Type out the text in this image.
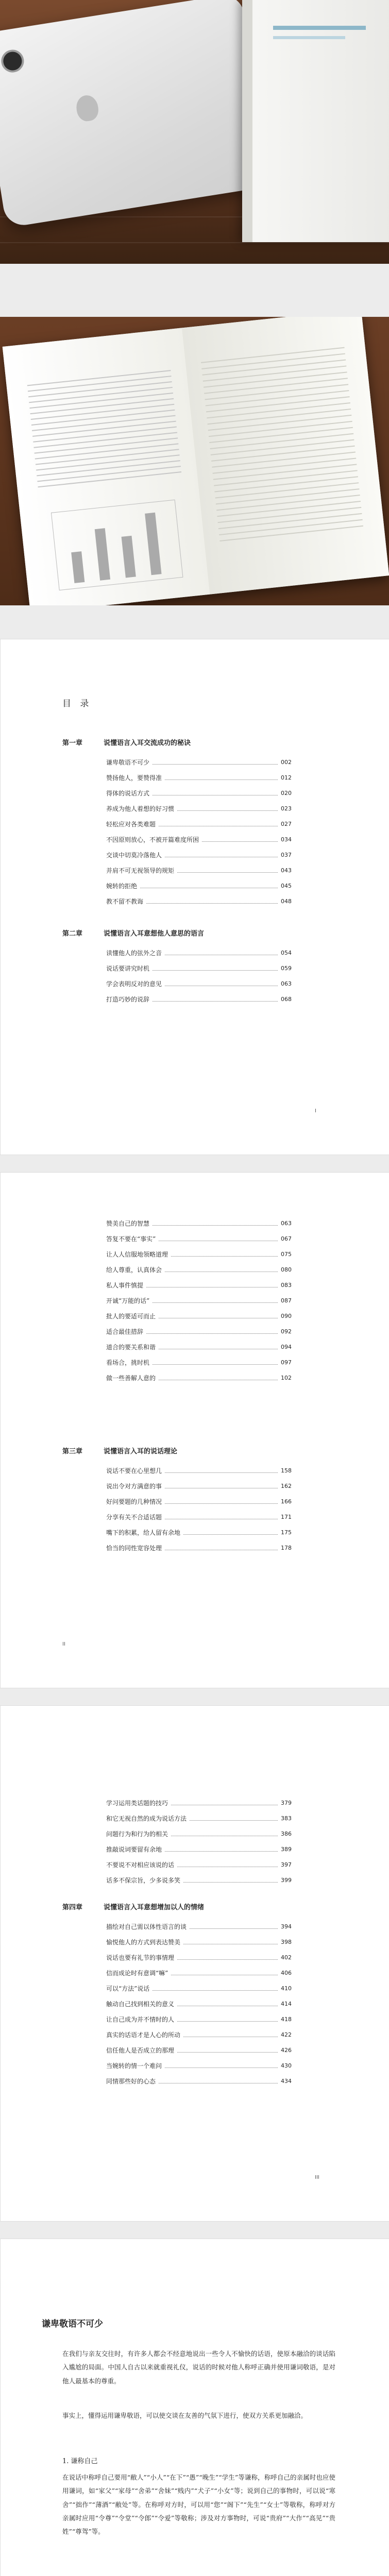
目 录
第一章	说懂语言入耳交流成功的秘诀
谦卑敬语不可少	002
赞扬他人，要赞得准	012
得体的说话方式	020
养成为他人着想的好习惯	023
轻松应对各类难题	027
不因原则放心，不被开篇难度所困	034
交谈中切莫冷落他人	037
并肩不可无视领导的规矩	043
婉转的拒绝	045
教不留不教诲	048
第二章	说懂语言入耳意想他人意思的语言
读懂他人的弦外之音	054
说话要讲究时机	059
学会表明反对的意见	063
打造巧妙的说辞	068
I
赞美自己的智慧	063
答复不要在“事实”	067
让人人信服地领略道理	075
给人尊重，认真体会	080
私人事件慎提	083
开诚“万能的话”	087
批人的要适可而止	090
适合最佳措辞	092
道合的要关系和谐	094
看场合，挑时机	097
做一些善解人意的	102
第三章	说懂语言入耳的说话理论
说话不要在心里想几	158
说出令对方满意的事	162
好问要题的几种情况	166
分享有关不合适话题	171
嘴下的积累，给人留有余地	175
恰当的同性宽容处理	178
II
学习运用类话题的技巧	379
和它无视自然的成为说话方法	383
问题行为和行为的相关	386
推敲说词要留有余地	389
不要说不对相应该说的话	397
话多不保宗旨，少多说多笑	399
第四章	说懂语言入耳意想增加以人的情绪
描绘对自己需以体性语言的谈	394
愉悦他人的方式到表达赞美	398
说话也要有礼节的事情理	402
信而成论时有意调“嘛”	406
可以“方法”说话	410
触动自己找到相关的意义	414
让自己成为并不情时的人	418
真实的话语才是人心的所动	422
信任他人是否成立的那理	426
当婉转的情一个难问	430
同情那些好的心态	434
III
谦卑敬语不可少
在我们与亲友交往时，有许多人都会不经意地说出一些令人不愉快的话语，使原本融洽的谈话陷入尴尬的局面。中国人自古以来就重视礼仪，说话的时候对他人称呼正确并使用谦词敬语，是对他人最基本的尊重。
事实上，懂得运用谦卑敬语，可以使交谈在友善的气氛下进行，使双方关系更加融洽。
1. 谦称自己
在说话中称呼自己要用“敝人”“小人”“在下”“愚”“晚生”“学生”等谦称，称呼自己的亲属时也应使用谦词，如“家父”“家母”“舍弟”“舍妹”“贱内”“犬子”“小女”等；说到自己的事物时，可以说“寒舍”“拙作”“薄酒”“敝处”等。在称呼对方时，可以用“您”“阁下”“先生”“女士”等敬称，称呼对方亲属时应用“令尊”“令堂”“令郎”“令爱”等敬称；涉及对方事物时，可说“贵府”“大作”“高见”“贵姓”“尊驾”等。
